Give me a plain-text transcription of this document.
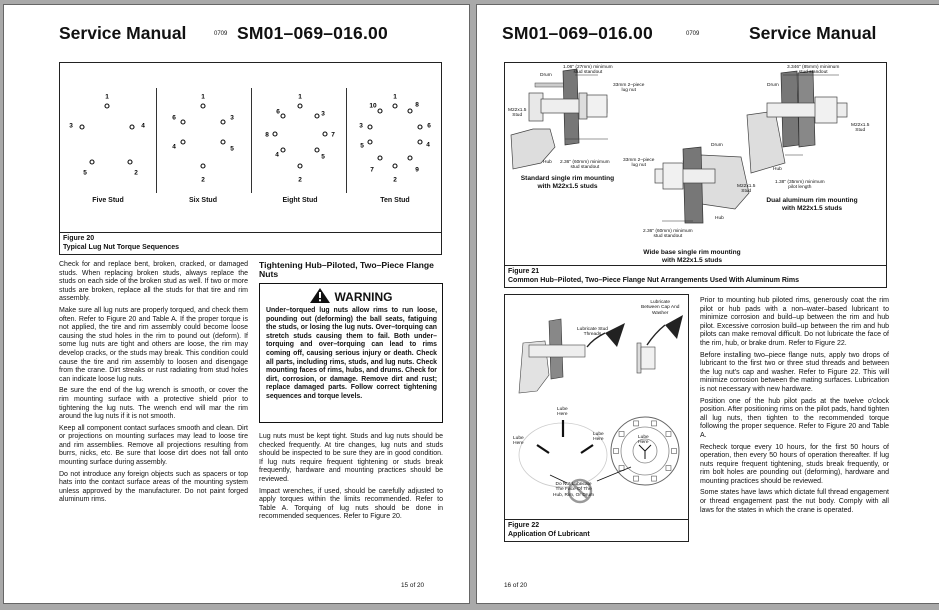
Service Manual	0709 SM01–069–016.00
1
2
3	4
5
1
2
3
4	5
6
1
2
3
4	5
6
7
8
1
2
3
4
5
6
7
8
9
10
Five Stud	Six Stud	Eight Stud	Ten Stud
Figure 20
Typical Lug Nut Torque Sequences

Check for and replace bent, broken, cracked, or damaged studs. When replacing broken studs, always replace the studs on each side of the broken stud as well. If two or more studs are broken, replace all the studs for that tire and rim assembly.

Make sure all lug nuts are properly torqued, and check them often. Refer to Figure 20 and Table A. If the proper torque is not applied, the tire and rim assembly could become loose causing the stud holes in the rim to pound out (deform). If some lug nuts are tight and others are loose, the rim may develop cracks, or the studs may break. This condition could cause the tire and rim assembly to loosen and disengage from the crane. Dirt streaks or rust radiating from stud holes can indicate loose lug nuts.

Be sure the end of the lug wrench is smooth, or cover the rim mounting surface with a protective shield prior to tightening the lug nuts. The wrench end will mar the rim around the lug nuts if it is not smooth.

Keep all component contact surfaces smooth and clean. Dirt or projections on mounting surfaces may lead to loose tire and rim assemblies. Remove all projections resulting from burrs, nicks, etc. Be sure that loose dirt does not fall onto mounting surface during assembly.

Do not introduce any foreign objects such as spacers or top hats into the contact surface areas of the mounting system unless approved by the manufacturer. Do not paint forged aluminum rims.

Tightening Hub–Piloted, Two–Piece Flange Nuts
WARNING
Under–torqued lug nuts allow rims to run loose, pounding out (deforming) the ball seats, fatiguing the studs, or losing the lug nuts. Over–torquing can stretch studs causing them to fail. Both under–torquing and over–torquing can lead to rims coming off, causing serious injury or death. Check all parts, including rims, studs, and lug nuts. Check mounting faces of rims, hubs, and drums. Check for dirt, corrosion, or damage. Remove dirt and rust; replace damaged parts. Follow correct tightening sequences and torque levels.

Lug nuts must be kept tight. Studs and lug nuts should be checked frequently. At tire changes, lug nuts and studs should be inspected to be sure they are in good condition. If lug nuts require frequent tightening or studs break frequently, hardware and mounting practices should be reviewed.

Impact wrenches, if used, should be carefully adjusted to apply torques within the limits recommended. Refer to Table A. Torquing of lug nuts should be done in recommended sequences. Refer to Figure 20.

15 of 20
SM01–069–016.00	0709	Service Manual
1.06" (27mm) minimum
stud standout
Drum
33mm 2–piece
lug nut
M22x1.5
Stud
Hub 2.36" (60mm) minimum
stud standout
Standard single rim mounting
with M22x1.5 studs
33mm 2–piece
lug nut
Drum
M22x1.5
Stud
Hub
2.36" (60mm) minimum
stud standout
Wide base single rim mounting
with M22x1.5 studs
3.346" (85mm) minimum
stud standout
Drum
M22x1.5
Stud
Hub
1.38" (35mm) minimum
pilot length
Dual aluminum rim mounting
with M22x1.5 studs
Figure 21
Common Hub–Piloted, Two–Piece Flange Nut Arrangements Used With Aluminum Rims
Lubricate Stud
Threads
Lubricate
Between Cap And
Washer
Lube
Here
Lube
Here
Lube
Here	Lube
Here
Do Not Lubricate
The Face Of The
Hub, Rim, Or Drum
Figure 22
Application Of Lubricant

Prior to mounting hub piloted rims, generously coat the rim pilot or hub pads with a non–water–based lubricant to minimize corrosion and build–up between the rim and hub pilot. Excessive corrosion build–up between the rim and hub pilots can make removal difficult. Do not lubricate the face of the rim, hub, or brake drum. Refer to Figure 22.

Before installing two–piece flange nuts, apply two drops of lubricant to the first two or three stud threads and between the lug nut's cap and washer. Refer to Figure 22. This will minimize corrosion between the mating surfaces. Lubrication is not necessary with new hardware.

Position one of the hub pilot pads at the twelve o'clock position. After positioning rims on the pilot pads, hand tighten all lug nuts, then tighten to the recommended torque following the proper sequence. Refer to Figure 20 and Table A.

Recheck torque every 10 hours, for the first 50 hours of operation, then every 50 hours of operation thereafter. If lug nuts require frequent tightening, studs break frequently, or rim bolt holes are pounding out (deforming), hardware and mounting practices should be reviewed.

Some states have laws which dictate full thread engagement or thread engagement past the nut body. Comply with all laws for the states in which the crane is operated.

16 of 20
